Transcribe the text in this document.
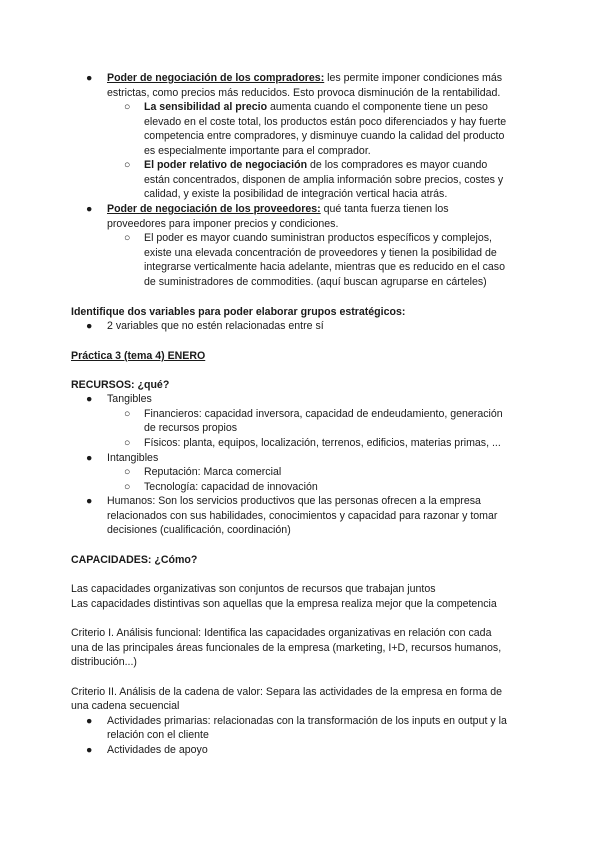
● Poder de negociación de los compradores: les permite imponer condiciones más
estrictas, como precios más reducidos. Esto provoca disminución de la rentabilidad.
○ La sensibilidad al precio aumenta cuando el componente tiene un peso
elevado en el coste total, los productos están poco diferenciados y hay fuerte
competencia entre compradores, y disminuye cuando la calidad del producto
es especialmente importante para el comprador.
○ El poder relativo de negociación de los compradores es mayor cuando
están concentrados, disponen de amplia información sobre precios, costes y
calidad, y existe la posibilidad de integración vertical hacia atrás.
● Poder de negociación de los proveedores: qué tanta fuerza tienen los
proveedores para imponer precios y condiciones.
○ El poder es mayor cuando suministran productos específicos y complejos,
existe una elevada concentración de proveedores y tienen la posibilidad de
integrarse verticalmente hacia adelante, mientras que es reducido en el caso
de suministradores de commodities. (aquí buscan agruparse en cárteles)
Identifique dos variables para poder elaborar grupos estratégicos:
● 2 variables que no estén relacionadas entre sí
Práctica 3 (tema 4) ENERO
RECURSOS: ¿qué?
● Tangibles
○ Financieros: capacidad inversora, capacidad de endeudamiento, generación
de recursos propios
○ Físicos: planta, equipos, localización, terrenos, edificios, materias primas, ...
● Intangibles
○ Reputación: Marca comercial
○ Tecnología: capacidad de innovación
● Humanos: Son los servicios productivos que las personas ofrecen a la empresa
relacionados con sus habilidades, conocimientos y capacidad para razonar y tomar
decisiones (cualificación, coordinación)
CAPACIDADES: ¿Cómo?
Las capacidades organizativas son conjuntos de recursos que trabajan juntos
Las capacidades distintivas son aquellas que la empresa realiza mejor que la competencia
Criterio I. Análisis funcional: Identifica las capacidades organizativas en relación con cada
una de las principales áreas funcionales de la empresa (marketing, I+D, recursos humanos,
distribución...)
Criterio II. Análisis de la cadena de valor: Separa las actividades de la empresa en forma de
una cadena secuencial
● Actividades primarias: relacionadas con la transformación de los inputs en output y la
relación con el cliente
● Actividades de apoyo
